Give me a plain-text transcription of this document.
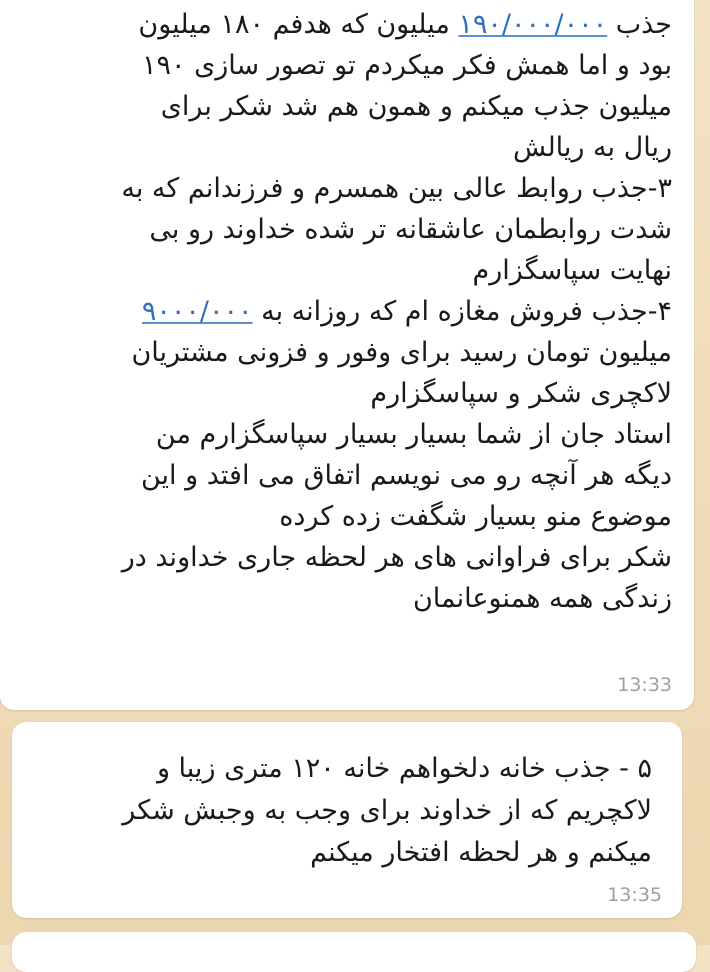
جذب ۱۹۰/۰۰۰/۰۰۰ میلیون که هدفم ۱۸۰ میلیون
بود و اما همش فکر میکردم تو تصور سازی ۱۹۰
میلیون جذب میکنم و همون هم شد شکر برای
ریال به ریالش
۳-جذب روابط عالی بین همسرم و فرزندانم که به
شدت روابطمان عاشقانه تر شده خداوند رو بی
نهایت سپاسگزارم
۴-جذب فروش مغازه ام که روزانه به ۹۰۰۰/۰۰۰
میلیون تومان رسید برای وفور و فزونی مشتریان
لاکچری شکر و سپاسگزارم
استاد جان از شما بسیار بسیار سپاسگزارم من
دیگه هر آنچه رو می نویسم اتفاق می افتد و این
موضوع منو بسیار شگفت زده کرده
شکر برای فراوانی های هر لحظه جاری خداوند در
زندگی همه همنوعانمان
13:33
۵ - جذب خانه دلخواهم خانه ۱۲۰ متری زیبا و
لاکچریم که از خداوند برای وجب به وجبش شکر
میکنم و هر لحظه افتخار میکنم
13:35
